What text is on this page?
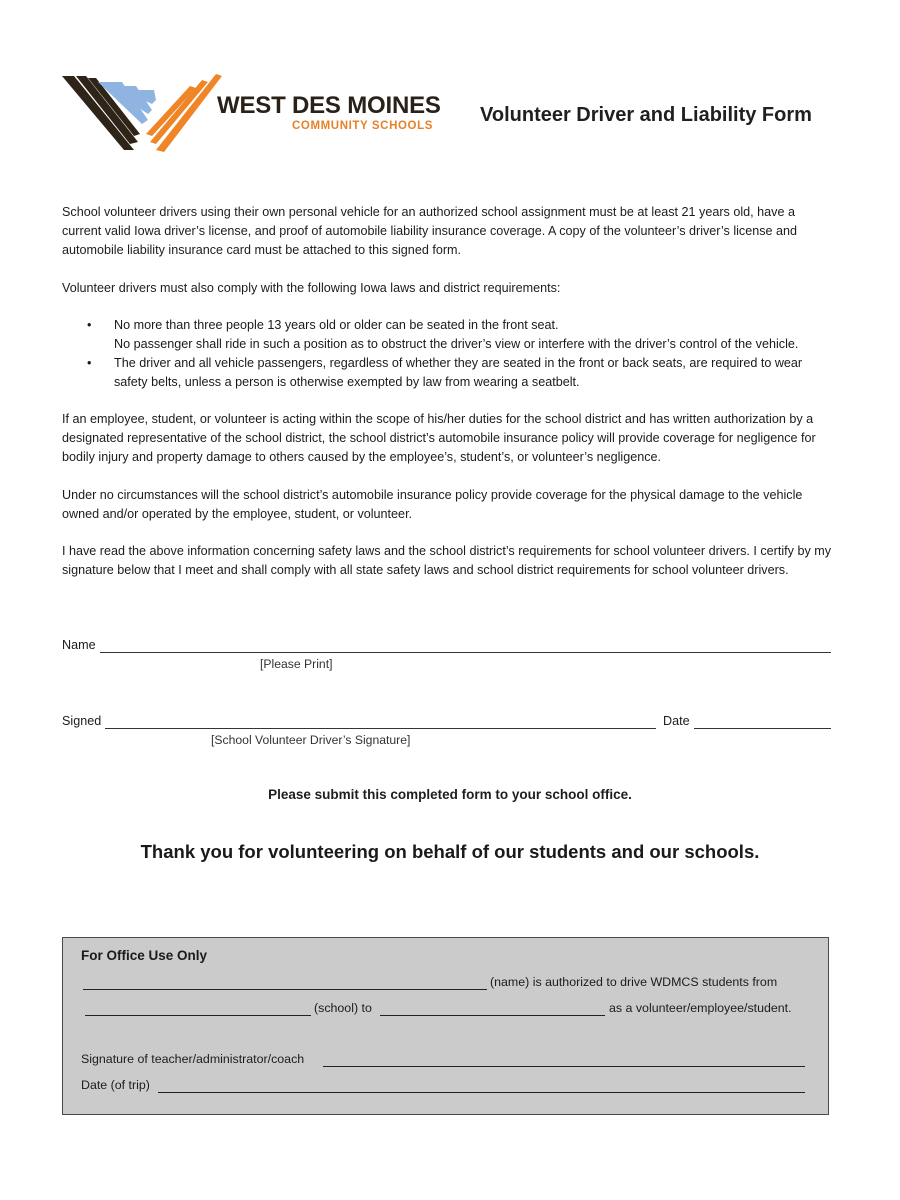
WEST DES MOINES
COMMUNITY SCHOOLS Volunteer Driver and Liability Form
School volunteer drivers using their own personal vehicle for an authorized school assignment must be at least 21 years old, have a current valid Iowa driver’s license, and proof of automobile liability insurance coverage. A copy of the volunteer’s driver’s license and automobile liability insurance card must be attached to this signed form.
Volunteer drivers must also comply with the following Iowa laws and district requirements:
• No more than three people 13 years old or older can be seated in the front seat.
No passenger shall ride in such a position as to obstruct the driver’s view or interfere with the driver’s control of the vehicle.
• The driver and all vehicle passengers, regardless of whether they are seated in the front or back seats, are required to wear safety belts, unless a person is otherwise exempted by law from wearing a seatbelt.
If an employee, student, or volunteer is acting within the scope of his/her duties for the school district and has written authorization by a designated representative of the school district, the school district’s automobile insurance policy will provide coverage for negligence for bodily injury and property damage to others caused by the employee’s, student’s, or volunteer’s negligence.
Under no circumstances will the school district’s automobile insurance policy provide coverage for the physical damage to the vehicle owned and/or operated by the employee, student, or volunteer.
I have read the above information concerning safety laws and the school district’s requirements for school volunteer drivers. I certify by my signature below that I meet and shall comply with all state safety laws and school district requirements for school volunteer drivers.
Name
[Please Print]
Signed
[School Volunteer Driver’s Signature]
Date
Please submit this completed form to your school office.
Thank you for volunteering on behalf of our students and our schools.
For Office Use Only
(name) is authorized to drive WDMCS students from
(school) to	as a volunteer/employee/student.
Signature of teacher/administrator/coach
Date (of trip)
